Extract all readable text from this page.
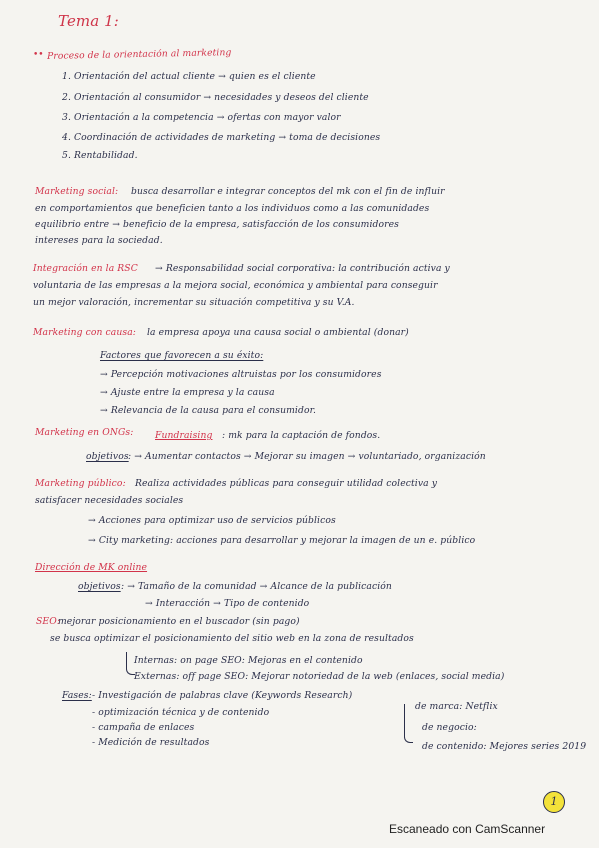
Tema 1:
•• Proceso de la orientación al marketing
1. Orientación del actual cliente → quien es el cliente
2. Orientación al consumidor → necesidades y deseos del cliente
3. Orientación a la competencia → ofertas con mayor valor
4. Coordinación de actividades de marketing → toma de decisiones
5. Rentabilidad.
Marketing social: busca desarrollar e integrar conceptos del mk con el fin de influir
en comportamientos que beneficien tanto a los individuos como a las comunidades
equilibrio entre → beneficio de la empresa, satisfacción de los consumidores
intereses para la sociedad.
Integración en la RSC → Responsabilidad social corporativa: la contribución activa y
voluntaria de las empresas a la mejora social, económica y ambiental para conseguir
un mejor valoración, incrementar su situación competitiva y su V.A.
Marketing con causa: la empresa apoya una causa social o ambiental (donar)
Factores que favorecen a su éxito:
→ Percepción motivaciones altruistas por los consumidores
→ Ajuste entre la empresa y la causa
→ Relevancia de la causa para el consumidor.
Marketing en ONGs: Fundraising : mk para la captación de fondos.
objetivos : → Aumentar contactos → Mejorar su imagen → voluntariado, organización
Marketing público: Realiza actividades públicas para conseguir utilidad colectiva y
satisfacer necesidades sociales
→ Acciones para optimizar uso de servicios públicos
→ City marketing: acciones para desarrollar y mejorar la imagen de un e. público
Dirección de MK online
objetivos : → Tamaño de la comunidad → Alcance de la publicación
→ Interacción → Tipo de contenido
SEO:
mejorar posicionamiento en el buscador (sin pago)
se busca optimizar el posicionamiento del sitio web en la zona de resultados
Internas: on page SEO: Mejoras en el contenido
Externas: off page SEO: Mejorar notoriedad de la web (enlaces, social media)
Fases: - Investigación de palabras clave (Keywords Research)
- optimización técnica y de contenido
- campaña de enlaces
- Medición de resultados
de marca: Netflix
de negocio:
de contenido: Mejores series 2019
1
Escaneado con CamScanner
